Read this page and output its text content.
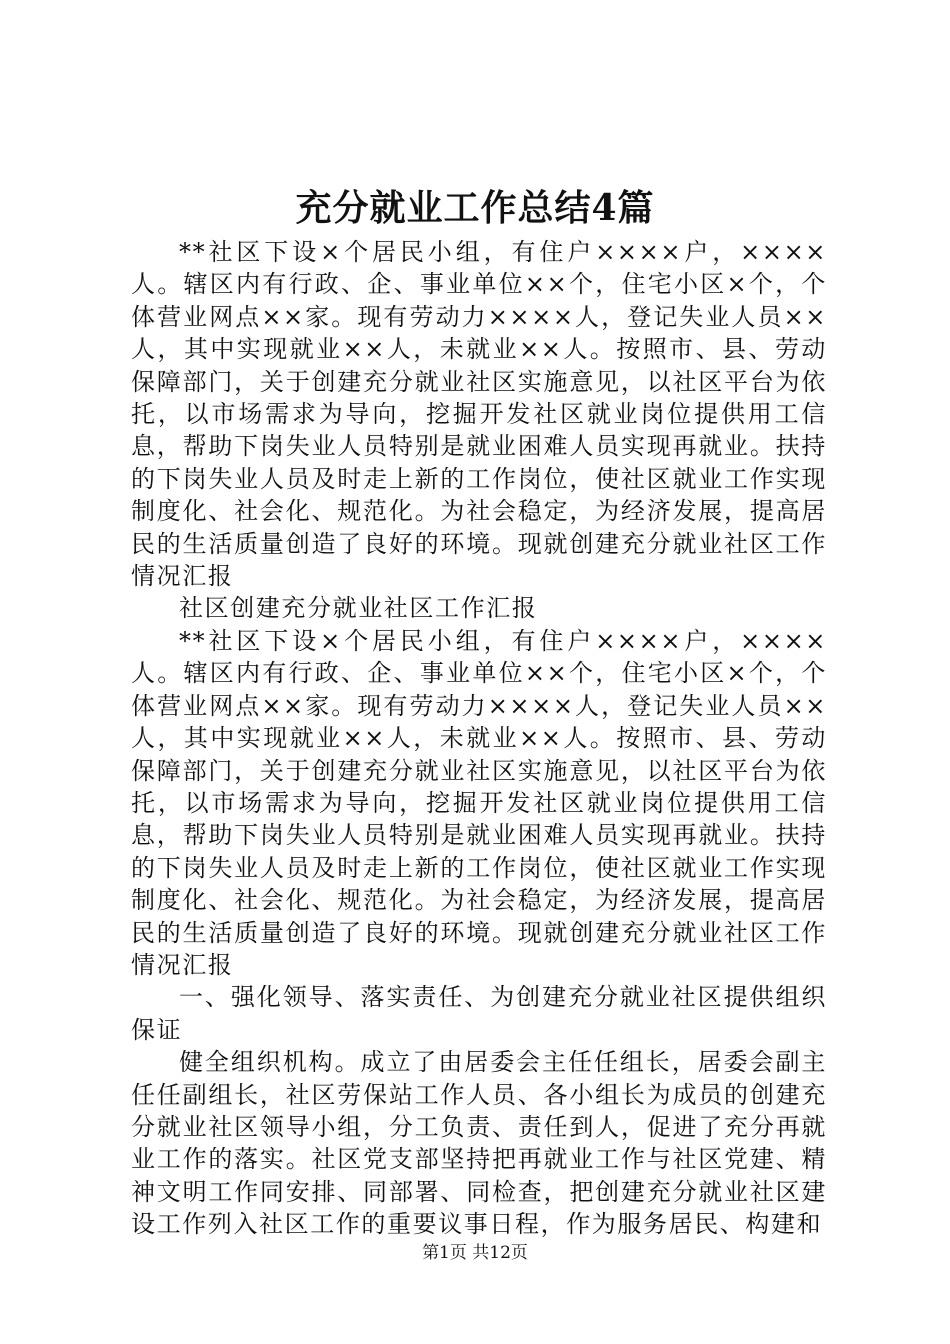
充分就业工作总结4篇

**社区下设×个居民小组，有住户××××户，××××人。辖区内有行政、企、事业单位××个，住宅小区×个，个体营业网点××家。现有劳动力××××人，登记失业人员××人，其中实现就业××人，未就业××人。按照市、县、劳动保障部门，关于创建充分就业社区实施意见，以社区平台为依托，以市场需求为导向，挖掘开发社区就业岗位提供用工信息，帮助下岗失业人员特别是就业困难人员实现再就业。扶持的下岗失业人员及时走上新的工作岗位，使社区就业工作实现制度化、社会化、规范化。为社会稳定，为经济发展，提高居民的生活质量创造了良好的环境。现就创建充分就业社区工作情况汇报

社区创建充分就业社区工作汇报

**社区下设×个居民小组，有住户××××户，××××人。辖区内有行政、企、事业单位××个，住宅小区×个，个体营业网点××家。现有劳动力××××人，登记失业人员××人，其中实现就业××人，未就业××人。按照市、县、劳动保障部门，关于创建充分就业社区实施意见，以社区平台为依托，以市场需求为导向，挖掘开发社区就业岗位提供用工信息，帮助下岗失业人员特别是就业困难人员实现再就业。扶持的下岗失业人员及时走上新的工作岗位，使社区就业工作实现制度化、社会化、规范化。为社会稳定，为经济发展，提高居民的生活质量创造了良好的环境。现就创建充分就业社区工作情况汇报

一、强化领导、落实责任、为创建充分就业社区提供组织保证

健全组织机构。成立了由居委会主任任组长，居委会副主任任副组长，社区劳保站工作人员、各小组长为成员的创建充分就业社区领导小组，分工负责、责任到人，促进了充分再就业工作的落实。社区党支部坚持把再就业工作与社区党建、精神文明工作同安排、同部署、同检查，把创建充分就业社区建设工作列入社区工作的重要议事日程，作为服务居民、构建和

第1页 共12页
